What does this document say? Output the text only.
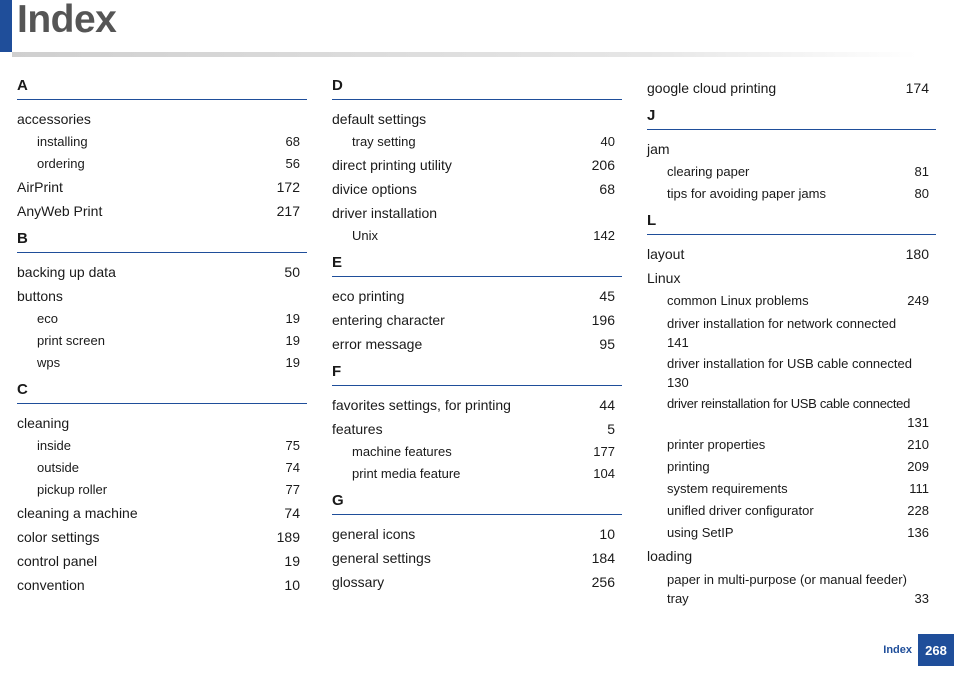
Index
A
accessories
installing	68
ordering	56
AirPrint	172
AnyWeb Print	217
B
backing up data	50
buttons
eco	19
print screen	19
wps	19
C
cleaning
inside	75
outside	74
pickup roller	77
cleaning a machine	74
color settings	189
control panel	19
convention	10
D
default settings
tray setting	40
direct printing utility	206
divice options	68
driver installation
Unix	142
E
eco printing	45
entering character	196
error message	95
F
favorites settings, for printing	44
features	5
machine features	177
print media feature	104
G
general icons	10
general settings	184
glossary	256
google cloud printing	174
J
jam
clearing paper	81
tips for avoiding paper jams	80
L
layout	180
Linux
common Linux problems	249
driver installation for network connected
141
driver installation for USB cable connected
130
driver reinstallation for USB cable connected
131
printer properties	210
printing	209
system requirements	111
unifled driver configurator	228
using SetIP	136
loading
paper in multi-purpose (or manual feeder) tray	33
Index 268
